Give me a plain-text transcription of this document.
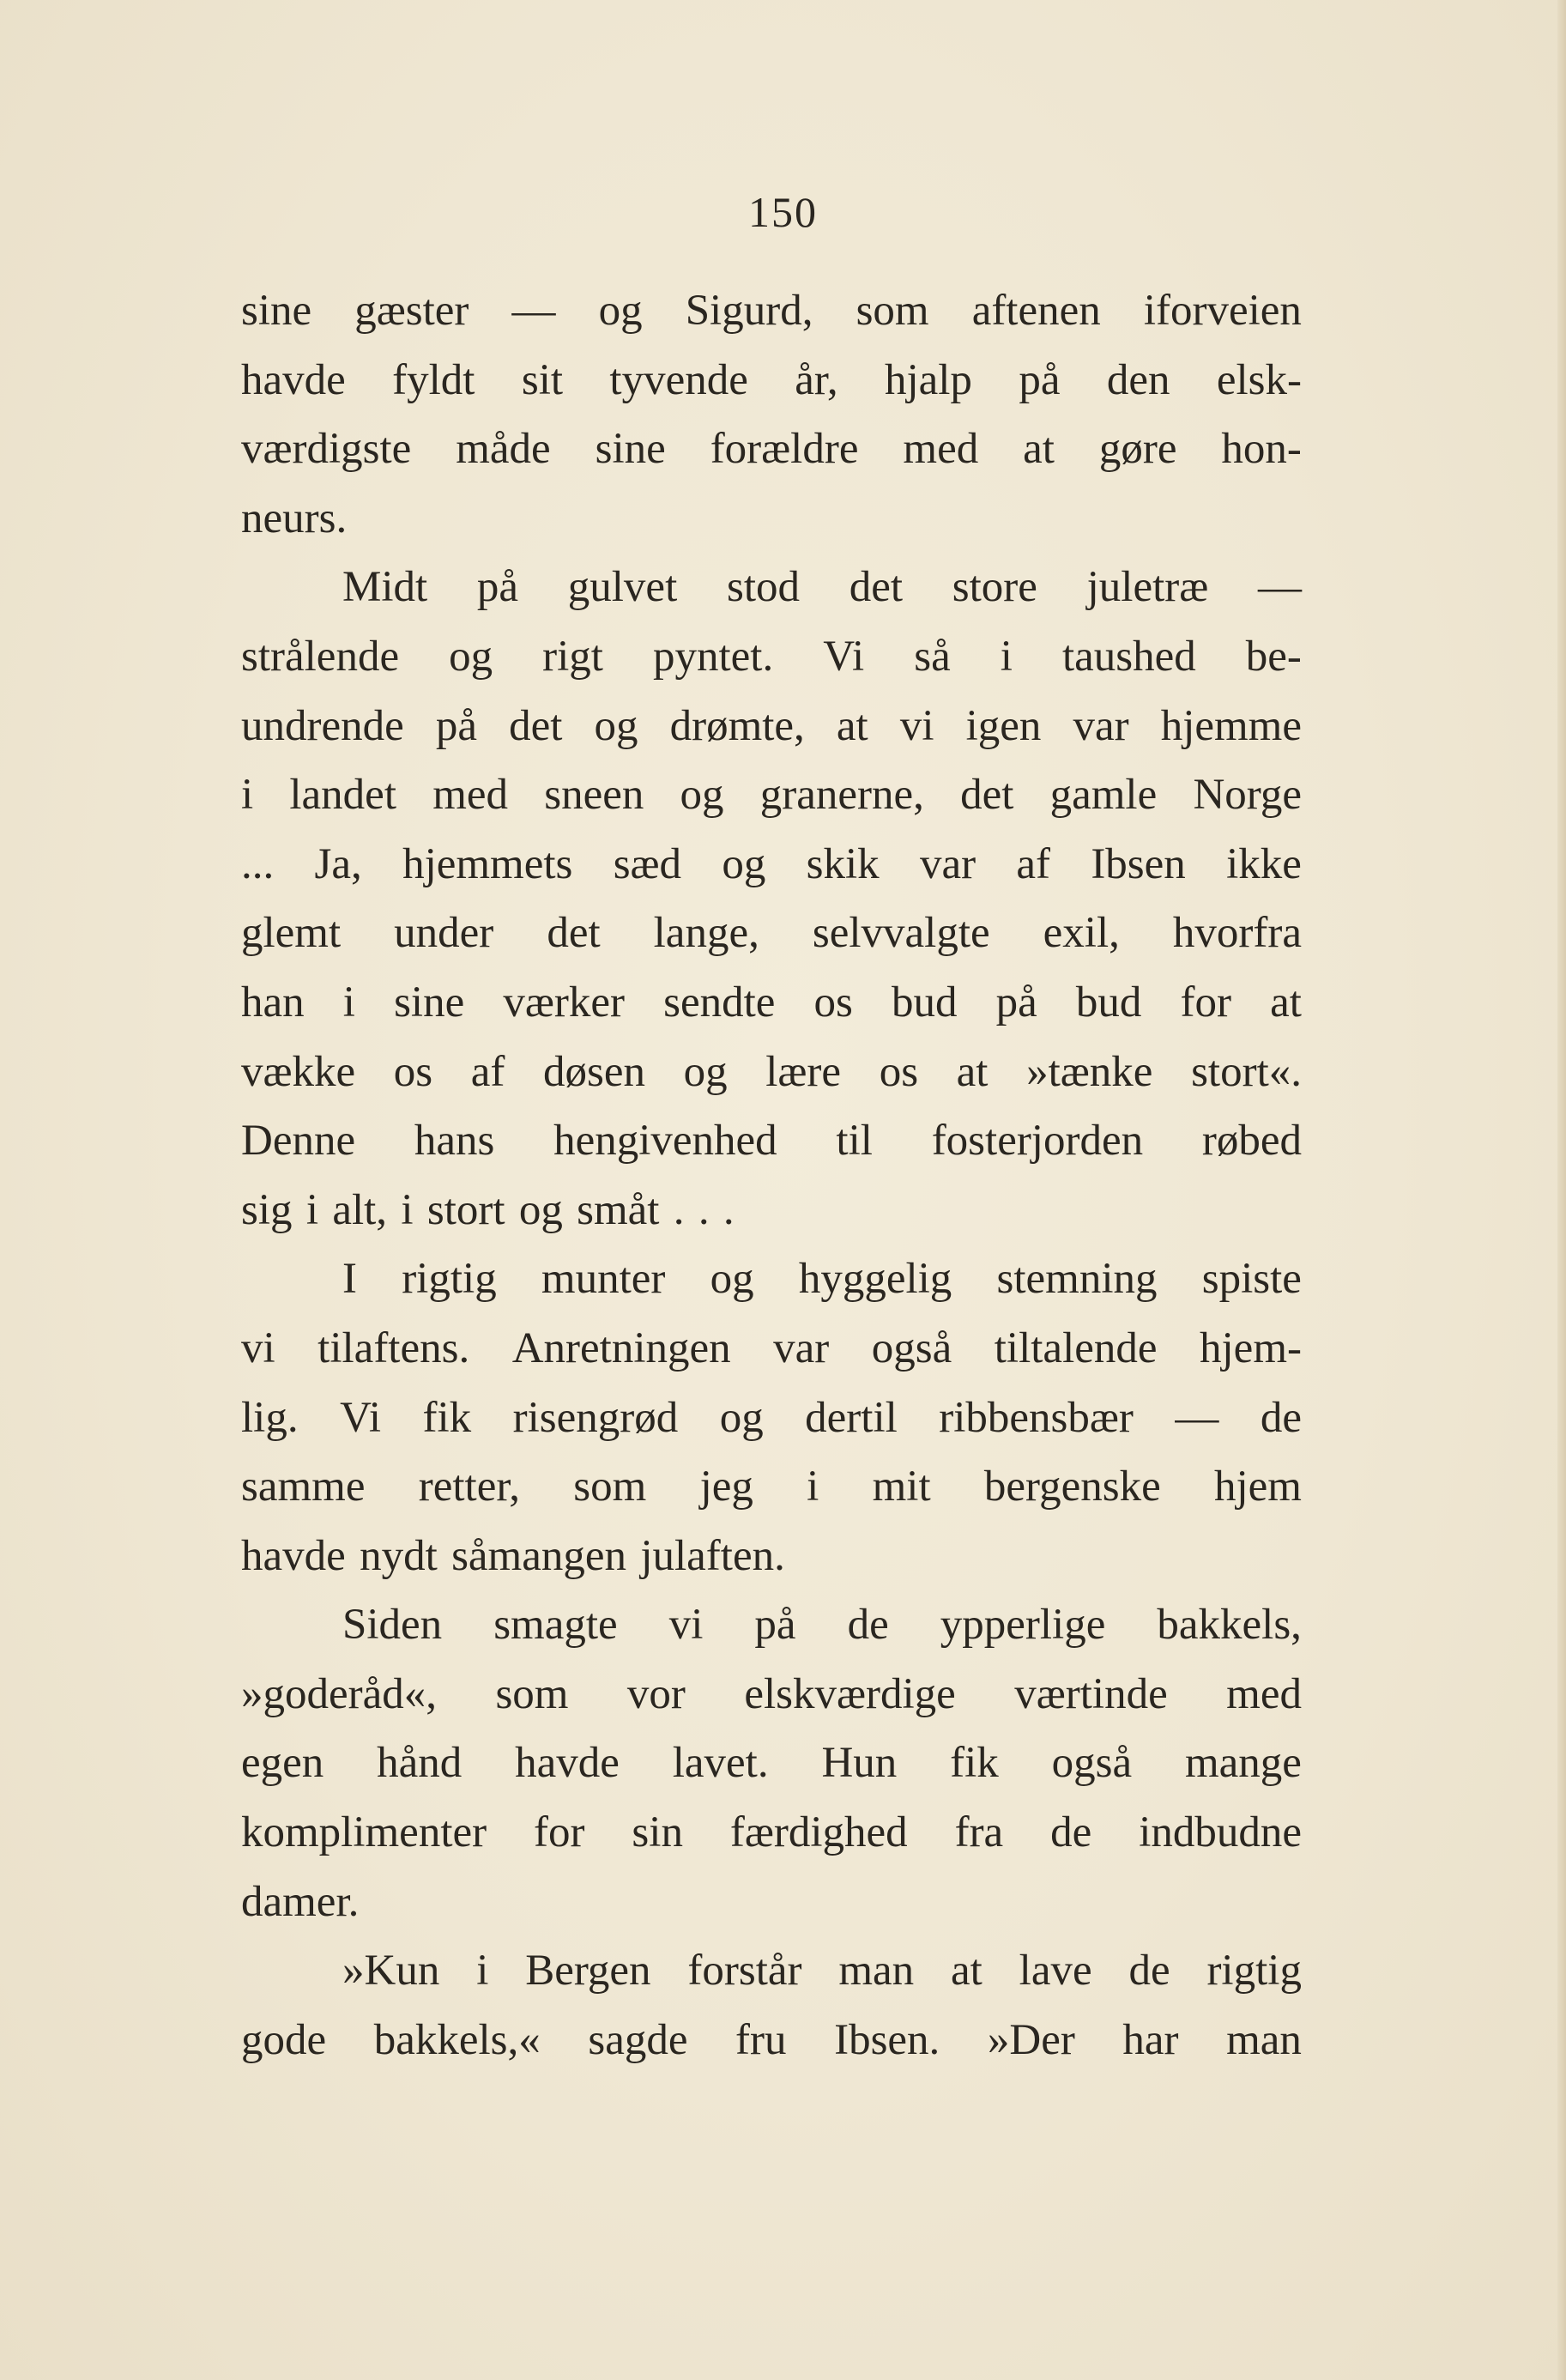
150
sine gæster — og Sigurd, som aftenen iforveien
havde fyldt sit tyvende år, hjalp på den elsk-
værdigste måde sine forældre med at gøre hon-
neurs.
Midt på gulvet stod det store juletræ —
strålende og rigt pyntet. Vi så i taushed be-
undrende på det og drømte, at vi igen var hjemme
i landet med sneen og granerne, det gamle Norge
... Ja, hjemmets sæd og skik var af Ibsen ikke
glemt under det lange, selvvalgte exil, hvorfra
han i sine værker sendte os bud på bud for at
vække os af døsen og lære os at »tænke stort«.
Denne hans hengivenhed til fosterjorden røbed
sig i alt, i stort og småt . . .
I rigtig munter og hyggelig stemning spiste
vi tilaftens. Anretningen var også tiltalende hjem-
lig. Vi fik risengrød og dertil ribbensbær — de
samme retter, som jeg i mit bergenske hjem
havde nydt såmangen julaften.
Siden smagte vi på de ypperlige bakkels,
»goderåd«, som vor elskværdige værtinde med
egen hånd havde lavet. Hun fik også mange
komplimenter for sin færdighed fra de indbudne
damer.
»Kun i Bergen forstår man at lave de rigtig
gode bakkels,« sagde fru Ibsen. »Der har man
